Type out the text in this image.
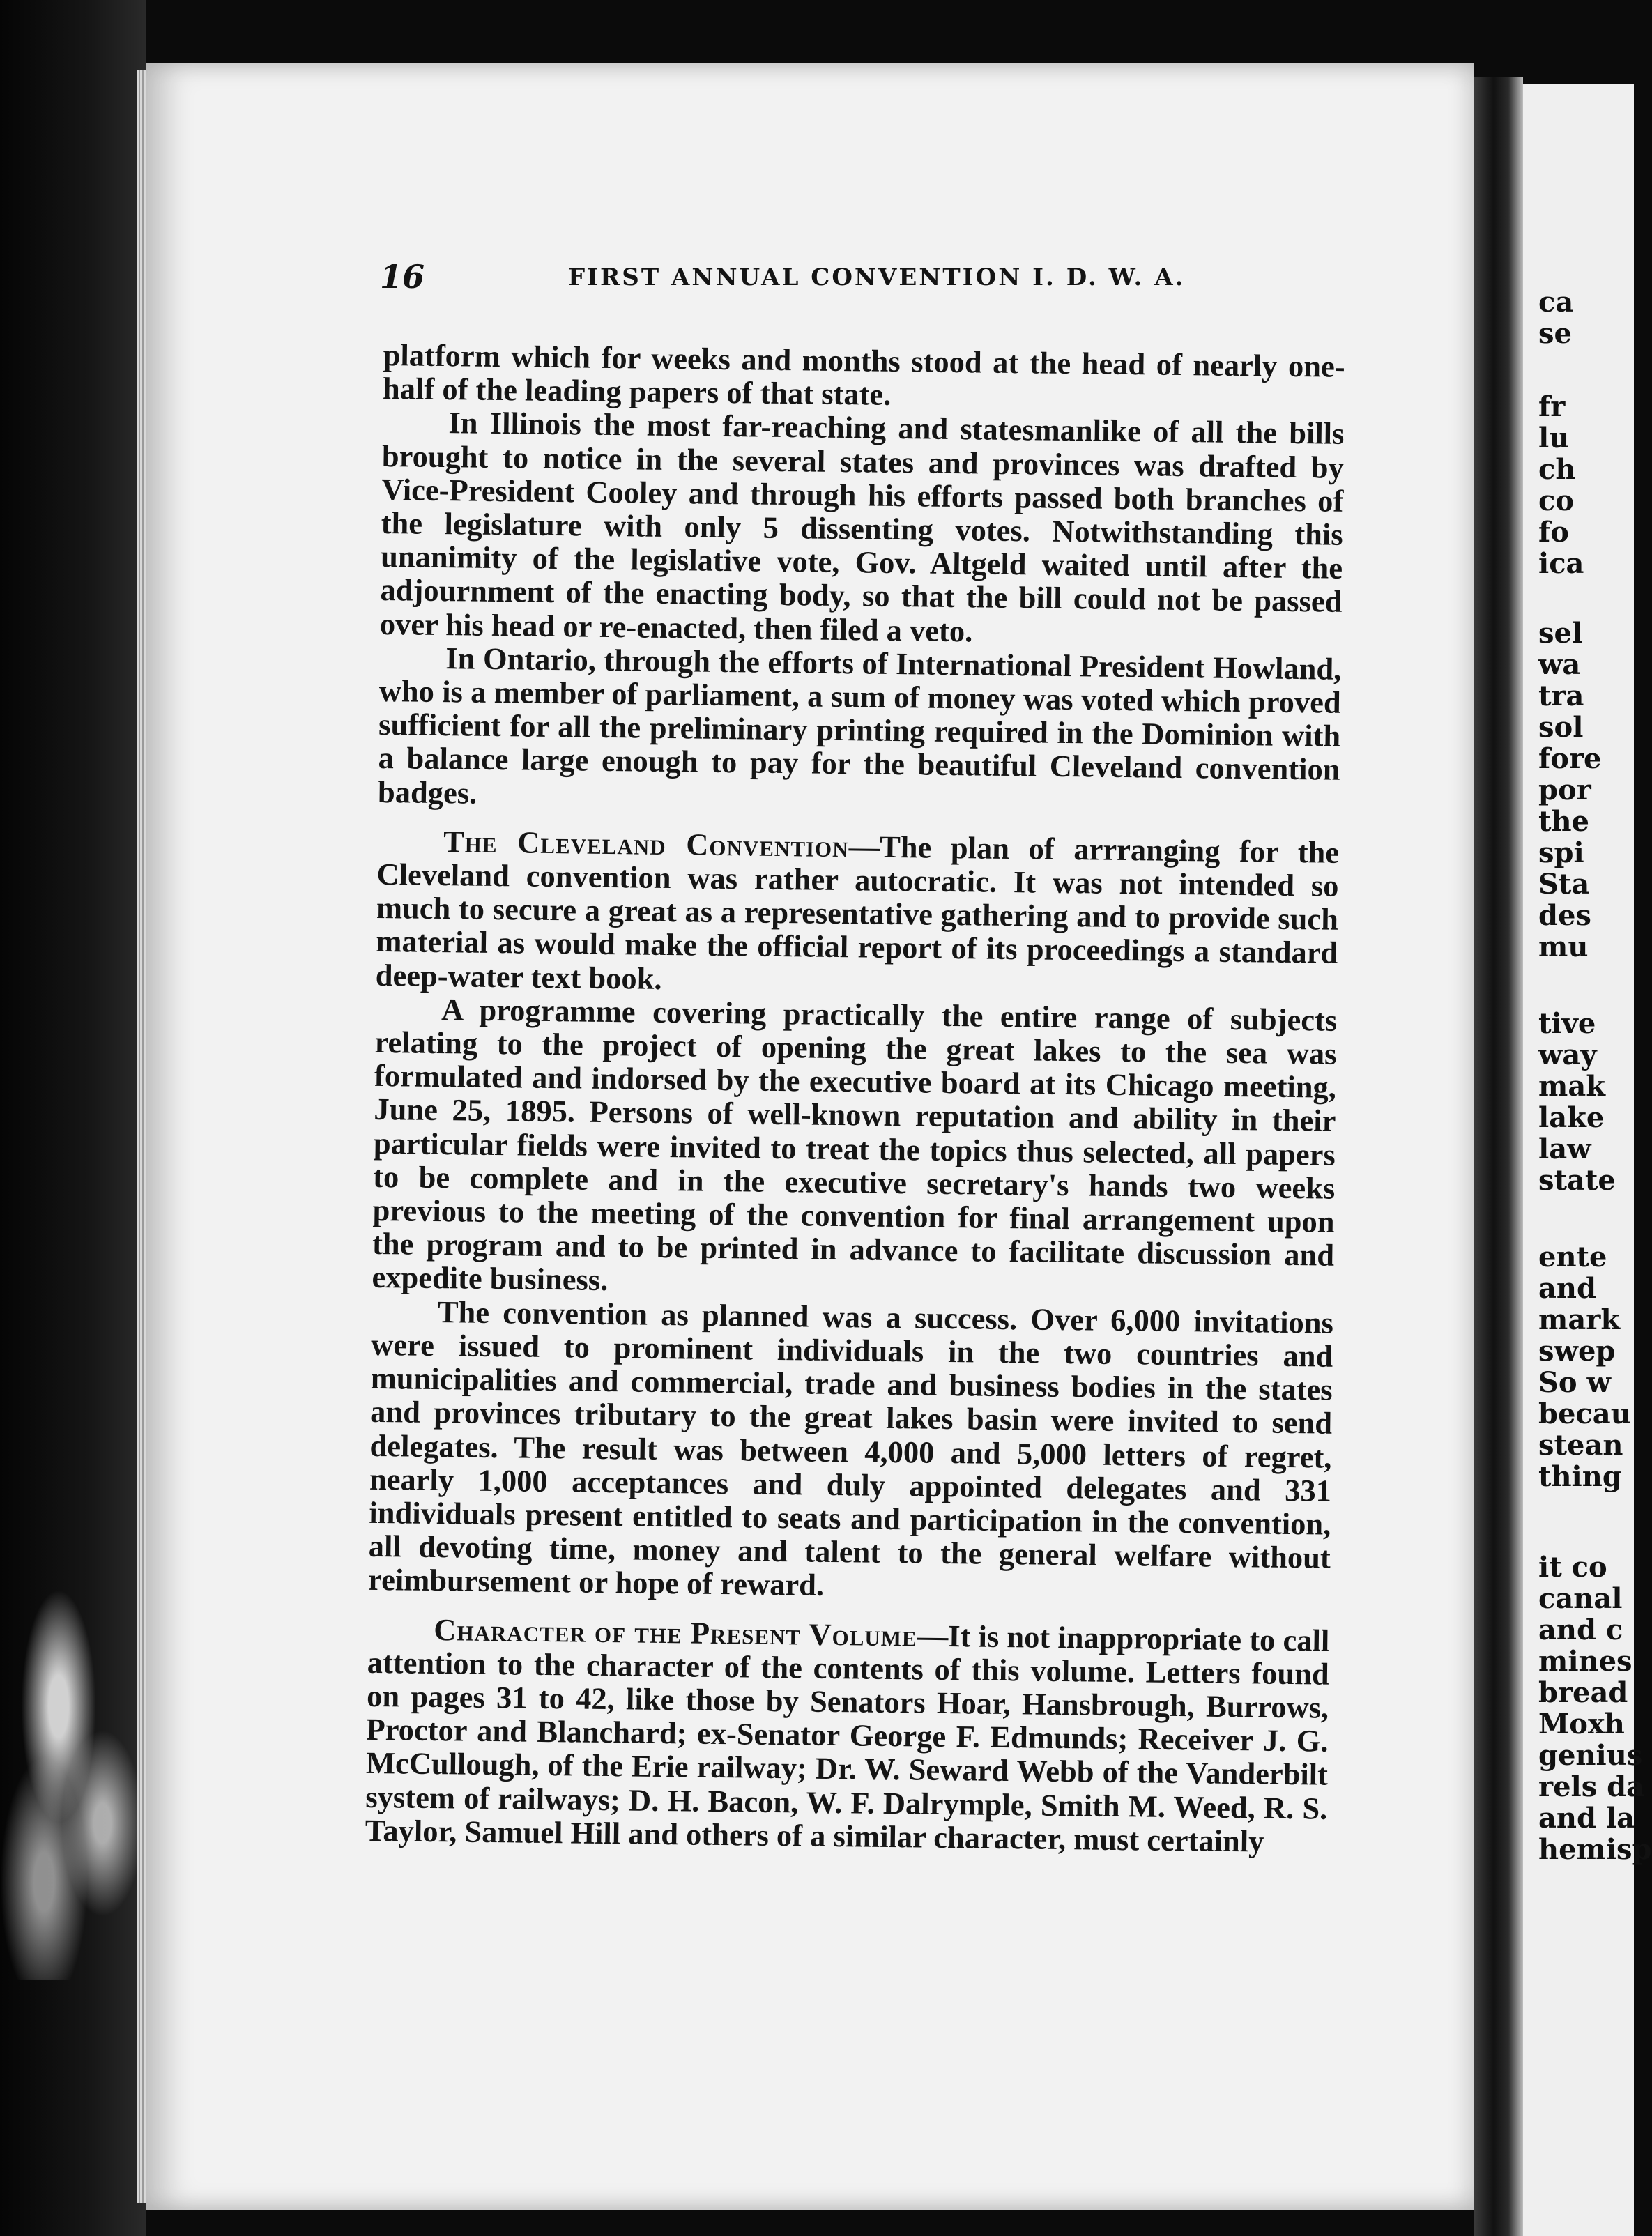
16	FIRST ANNUAL CONVENTION I. D. W. A.

platform which for weeks and months stood at the head of nearly one-half of the leading papers of that state.

In Illinois the most far-reaching and statesmanlike of all the bills brought to notice in the several states and provinces was drafted by Vice-President Cooley and through his efforts passed both branches of the legislature with only 5 dissenting votes. Notwithstanding this unanimity of the legislative vote, Gov. Altgeld waited until after the adjournment of the enacting body, so that the bill could not be passed over his head or re-enacted, then filed a veto.

In Ontario, through the efforts of International President Howland, who is a member of parliament, a sum of money was voted which proved sufficient for all the preliminary printing required in the Dominion with a balance large enough to pay for the beautiful Cleveland convention badges.

The Cleveland Convention—The plan of arrranging for the Cleveland convention was rather autocratic. It was not intended so much to secure a great as a representative gathering and to provide such material as would make the official report of its proceedings a standard deep-water text book.

A programme covering practically the entire range of subjects relating to the project of opening the great lakes to the sea was formulated and indorsed by the executive board at its Chicago meeting, June 25, 1895. Persons of well-known reputation and ability in their particular fields were invited to treat the topics thus selected, all papers to be complete and in the executive secretary's hands two weeks previous to the meeting of the convention for final arrangement upon the program and to be printed in advance to facilitate discussion and expedite business.

The convention as planned was a success. Over 6,000 invitations were issued to prominent individuals in the two countries and municipalities and commercial, trade and business bodies in the states and provinces tributary to the great lakes basin were invited to send delegates. The result was between 4,000 and 5,000 letters of regret, nearly 1,000 acceptances and duly appointed delegates and 331 individuals present entitled to seats and participation in the convention, all devoting time, money and talent to the general welfare without reimbursement or hope of reward.

Character of the Present Volume—It is not inappropriate to call attention to the character of the contents of this volume. Letters found on pages 31 to 42, like those by Senators Hoar, Hansbrough, Burrows, Proctor and Blanchard; ex-Senator George F. Edmunds; Receiver J. G. McCullough, of the Erie railway; Dr. W. Seward Webb of the Vanderbilt system of railways; D. H. Bacon, W. F. Dalrymple, Smith M. Weed, R. S. Taylor, Samuel Hill and others of a similar character, must certainly

ca
se
fr
lu
ch
co
fo
ica
sel
wa
tra
sol
fore
por
the
spi
Sta
des
mu
tive
way
mak
lake
law
state
ente
and
mark
swep
So w
becau
stean
thing
it co
canal
and c
mines
bread
Moxh
genius
rels da
and la
hemisp
